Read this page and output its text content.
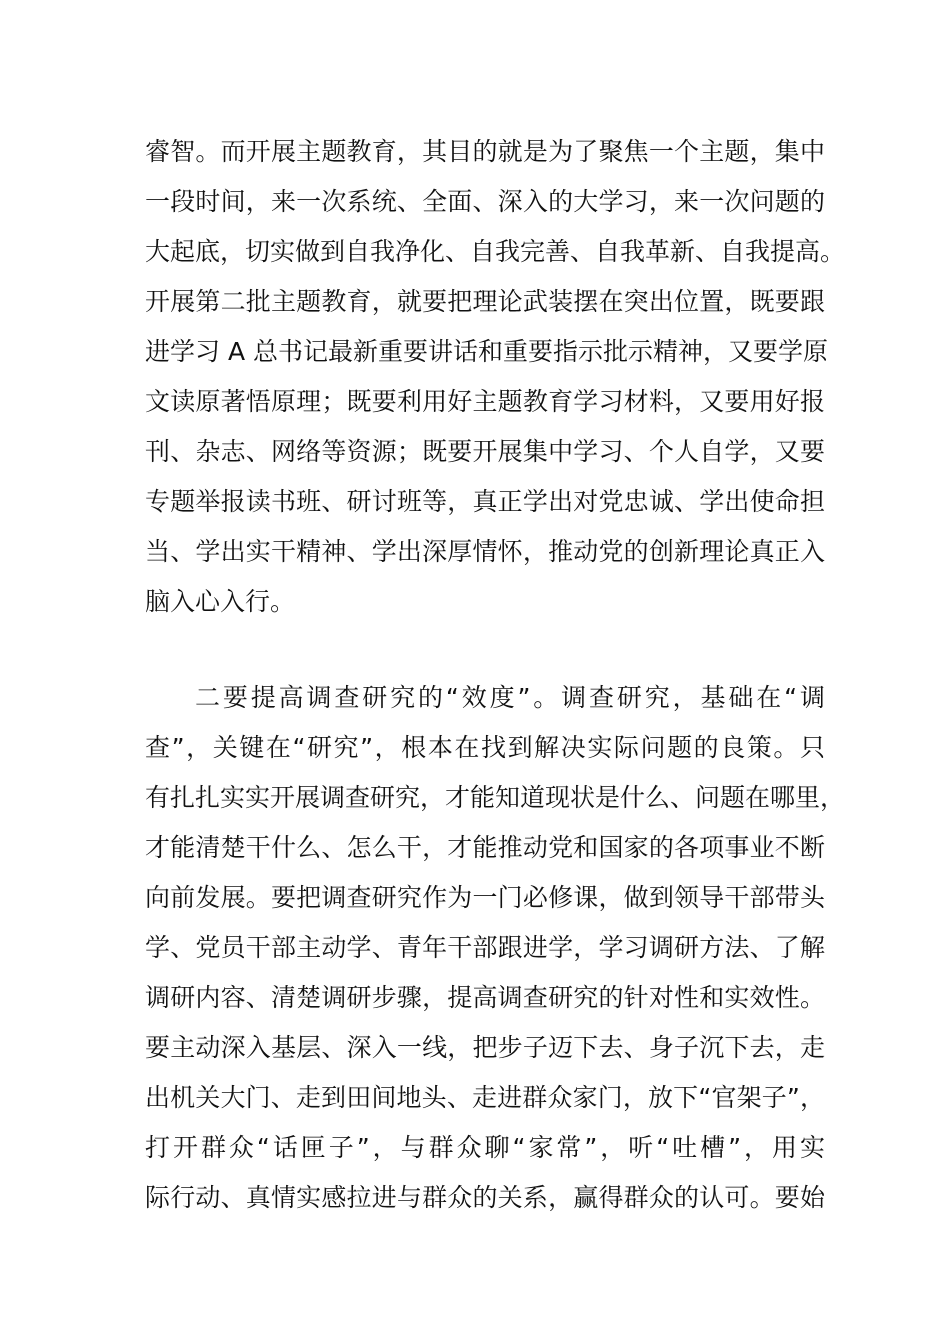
睿智。而开展主题教育，其目的就是为了聚焦一个主题，集中
一段时间，来一次系统、全面、深入的大学习，来一次问题的
大起底，切实做到自我净化、自我完善、自我革新、自我提高。
开展第二批主题教育，就要把理论武装摆在突出位置，既要跟
进学习 A 总书记最新重要讲话和重要指示批示精神，又要学原
文读原著悟原理；既要利用好主题教育学习材料，又要用好报
刊、杂志、网络等资源；既要开展集中学习、个人自学，又要
专题举报读书班、研讨班等，真正学出对党忠诚、学出使命担
当、学出实干精神、学出深厚情怀，推动党的创新理论真正入
脑入心入行。
二要提高调查研究的“效度”。调查研究，基础在“调
查”，关键在“研究”，根本在找到解决实际问题的良策。只
有扎扎实实开展调查研究，才能知道现状是什么、问题在哪里，
才能清楚干什么、怎么干，才能推动党和国家的各项事业不断
向前发展。要把调查研究作为一门必修课，做到领导干部带头
学、党员干部主动学、青年干部跟进学，学习调研方法、了解
调研内容、清楚调研步骤，提高调查研究的针对性和实效性。
要主动深入基层、深入一线，把步子迈下去、身子沉下去，走
出机关大门、走到田间地头、走进群众家门，放下“官架子”，
打开群众“话匣子”，与群众聊“家常”，听“吐槽”，用实
际行动、真情实感拉进与群众的关系，赢得群众的认可。要始
